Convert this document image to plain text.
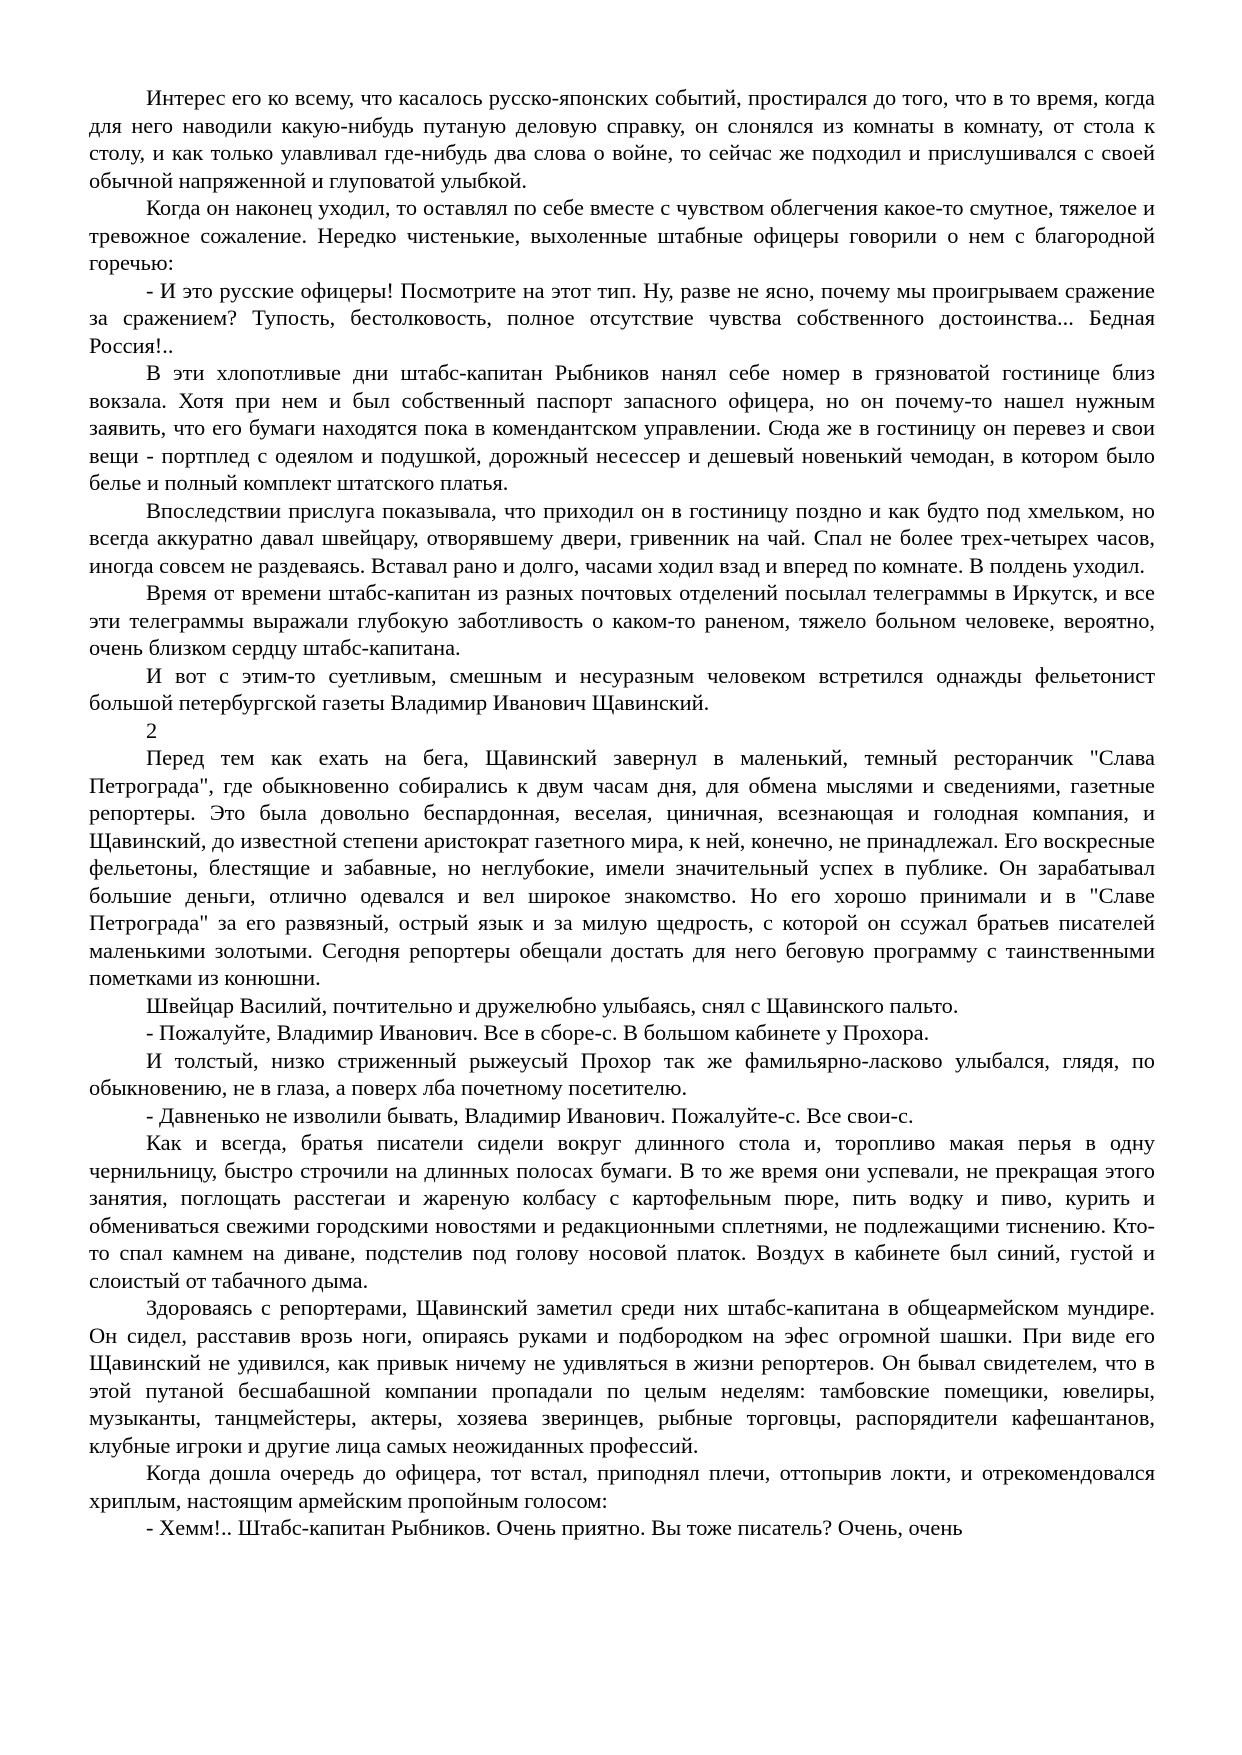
Интерес его ко всему, что касалось русско-японских событий, простирался до того, что в то время, когда для него наводили какую-нибудь путаную деловую справку, он слонялся из комнаты в комнату, от стола к столу, и как только улавливал где-нибудь два слова о войне, то сейчас же подходил и прислушивался с своей обычной напряженной и глуповатой улыбкой.

Когда он наконец уходил, то оставлял по себе вместе с чувством облегчения какое-то смутное, тяжелое и тревожное сожаление. Нередко чистенькие, выхоленные штабные офицеры говорили о нем с благородной горечью:

- И это русские офицеры! Посмотрите на этот тип. Ну, разве не ясно, почему мы проигрываем сражение за сражением? Тупость, бестолковость, полное отсутствие чувства собственного достоинства... Бедная Россия!..

В эти хлопотливые дни штабс-капитан Рыбников нанял себе номер в грязноватой гостинице близ вокзала. Хотя при нем и был собственный паспорт запасного офицера, но он почему-то нашел нужным заявить, что его бумаги находятся пока в комендантском управлении. Сюда же в гостиницу он перевез и свои вещи - портплед с одеялом и подушкой, дорожный несессер и дешевый новенький чемодан, в котором было белье и полный комплект штатского платья.

Впоследствии прислуга показывала, что приходил он в гостиницу поздно и как будто под хмельком, но всегда аккуратно давал швейцару, отворявшему двери, гривенник на чай. Спал не более трех-четырех часов, иногда совсем не раздеваясь. Вставал рано и долго, часами ходил взад и вперед по комнате. В полдень уходил.

Время от времени штабс-капитан из разных почтовых отделений посылал телеграммы в Иркутск, и все эти телеграммы выражали глубокую заботливость о каком-то раненом, тяжело больном человеке, вероятно, очень близком сердцу штабс-капитана.

И вот с этим-то суетливым, смешным и несуразным человеком встретился однажды фельетонист большой петербургской газеты Владимир Иванович Щавинский.

2

Перед тем как ехать на бега, Щавинский завернул в маленький, темный ресторанчик "Слава Петрограда", где обыкновенно собирались к двум часам дня, для обмена мыслями и сведениями, газетные репортеры. Это была довольно беспардонная, веселая, циничная, всезнающая и голодная компания, и Щавинский, до известной степени аристократ газетного мира, к ней, конечно, не принадлежал. Его воскресные фельетоны, блестящие и забавные, но неглубокие, имели значительный успех в публике. Он зарабатывал большие деньги, отлично одевался и вел широкое знакомство. Но его хорошо принимали и в "Славе Петрограда" за его развязный, острый язык и за милую щедрость, с которой он ссужал братьев писателей маленькими золотыми. Сегодня репортеры обещали достать для него беговую программу с таинственными пометками из конюшни.

Швейцар Василий, почтительно и дружелюбно улыбаясь, снял с Щавинского пальто.

- Пожалуйте, Владимир Иванович. Все в сборе-с. В большом кабинете у Прохора.

И толстый, низко стриженный рыжеусый Прохор так же фамильярно-ласково улыбался, глядя, по обыкновению, не в глаза, а поверх лба почетному посетителю.

- Давненько не изволили бывать, Владимир Иванович. Пожалуйте-с. Все свои-с.

Как и всегда, братья писатели сидели вокруг длинного стола и, торопливо макая перья в одну чернильницу, быстро строчили на длинных полосах бумаги. В то же время они успевали, не прекращая этого занятия, поглощать расстегаи и жареную колбасу с картофельным пюре, пить водку и пиво, курить и обмениваться свежими городскими новостями и редакционными сплетнями, не подлежащими тиснению. Кто-то спал камнем на диване, подстелив под голову носовой платок. Воздух в кабинете был синий, густой и слоистый от табачного дыма.

Здороваясь с репортерами, Щавинский заметил среди них штабс-капитана в общеармейском мундире. Он сидел, расставив врозь ноги, опираясь руками и подбородком на эфес огромной шашки. При виде его Щавинский не удивился, как привык ничему не удивляться в жизни репортеров. Он бывал свидетелем, что в этой путаной бесшабашной компании пропадали по целым неделям: тамбовские помещики, ювелиры, музыканты, танцмейстеры, актеры, хозяева зверинцев, рыбные торговцы, распорядители кафешантанов, клубные игроки и другие лица самых неожиданных профессий.

Когда дошла очередь до офицера, тот встал, приподнял плечи, оттопырив локти, и отрекомендовался хриплым, настоящим армейским пропойным голосом:

- Хемм!.. Штабс-капитан Рыбников. Очень приятно. Вы тоже писатель? Очень, очень
